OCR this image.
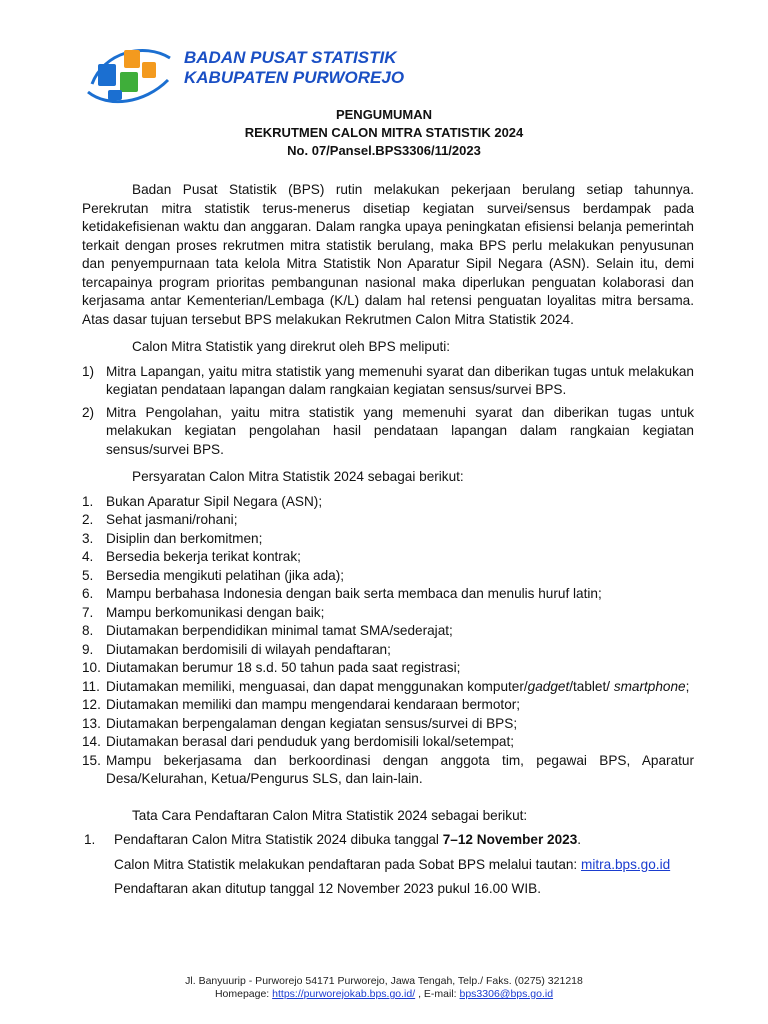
BADAN PUSAT STATISTIK
KABUPATEN PURWOREJO
PENGUMUMAN
REKRUTMEN CALON MITRA STATISTIK 2024
No. 07/Pansel.BPS3306/11/2023

Badan Pusat Statistik (BPS) rutin melakukan pekerjaan berulang setiap tahunnya. Perekrutan mitra statistik terus-menerus disetiap kegiatan survei/sensus berdampak pada ketidakefisienan waktu dan anggaran. Dalam rangka upaya peningkatan efisiensi belanja pemerintah terkait dengan proses rekrutmen mitra statistik berulang, maka BPS perlu melakukan penyusunan dan penyempurnaan tata kelola Mitra Statistik Non Aparatur Sipil Negara (ASN). Selain itu, demi tercapainya program prioritas pembangunan nasional maka diperlukan penguatan kolaborasi dan kerjasama antar Kementerian/Lembaga (K/L) dalam hal retensi penguatan loyalitas mitra bersama. Atas dasar tujuan tersebut BPS melakukan Rekrutmen Calon Mitra Statistik 2024.

Calon Mitra Statistik yang direkrut oleh BPS meliputi:

1) Mitra Lapangan, yaitu mitra statistik yang memenuhi syarat dan diberikan tugas untuk melakukan kegiatan pendataan lapangan dalam rangkaian kegiatan sensus/survei BPS.
2) Mitra Pengolahan, yaitu mitra statistik yang memenuhi syarat dan diberikan tugas untuk melakukan kegiatan pengolahan hasil pendataan lapangan dalam rangkaian kegiatan sensus/survei BPS.

Persyaratan Calon Mitra Statistik 2024 sebagai berikut:

1. Bukan Aparatur Sipil Negara (ASN);
2. Sehat jasmani/rohani;
3. Disiplin dan berkomitmen;
4. Bersedia bekerja terikat kontrak;
5. Bersedia mengikuti pelatihan (jika ada);
6. Mampu berbahasa Indonesia dengan baik serta membaca dan menulis huruf latin;
7. Mampu berkomunikasi dengan baik;
8. Diutamakan berpendidikan minimal tamat SMA/sederajat;
9. Diutamakan berdomisili di wilayah pendaftaran;
10. Diutamakan berumur 18 s.d. 50 tahun pada saat registrasi;
11. Diutamakan memiliki, menguasai, dan dapat menggunakan komputer/gadget/tablet/ smartphone;
12. Diutamakan memiliki dan mampu mengendarai kendaraan bermotor;
13. Diutamakan berpengalaman dengan kegiatan sensus/survei di BPS;
14. Diutamakan berasal dari penduduk yang berdomisili lokal/setempat;
15. Mampu bekerjasama dan berkoordinasi dengan anggota tim, pegawai BPS, Aparatur Desa/Kelurahan, Ketua/Pengurus SLS, dan lain-lain.

Tata Cara Pendaftaran Calon Mitra Statistik 2024 sebagai berikut:

1.	Pendaftaran Calon Mitra Statistik 2024 dibuka tanggal 7–12 November 2023.
Calon Mitra Statistik melakukan pendaftaran pada Sobat BPS melalui tautan: mitra.bps.go.id
Pendaftaran akan ditutup tanggal 12 November 2023 pukul 16.00 WIB.
Jl. Banyuurip - Purworejo 54171 Purworejo, Jawa Tengah, Telp./ Faks. (0275) 321218
Homepage: https://purworejokab.bps.go.id/ , E-mail: bps3306@bps.go.id
